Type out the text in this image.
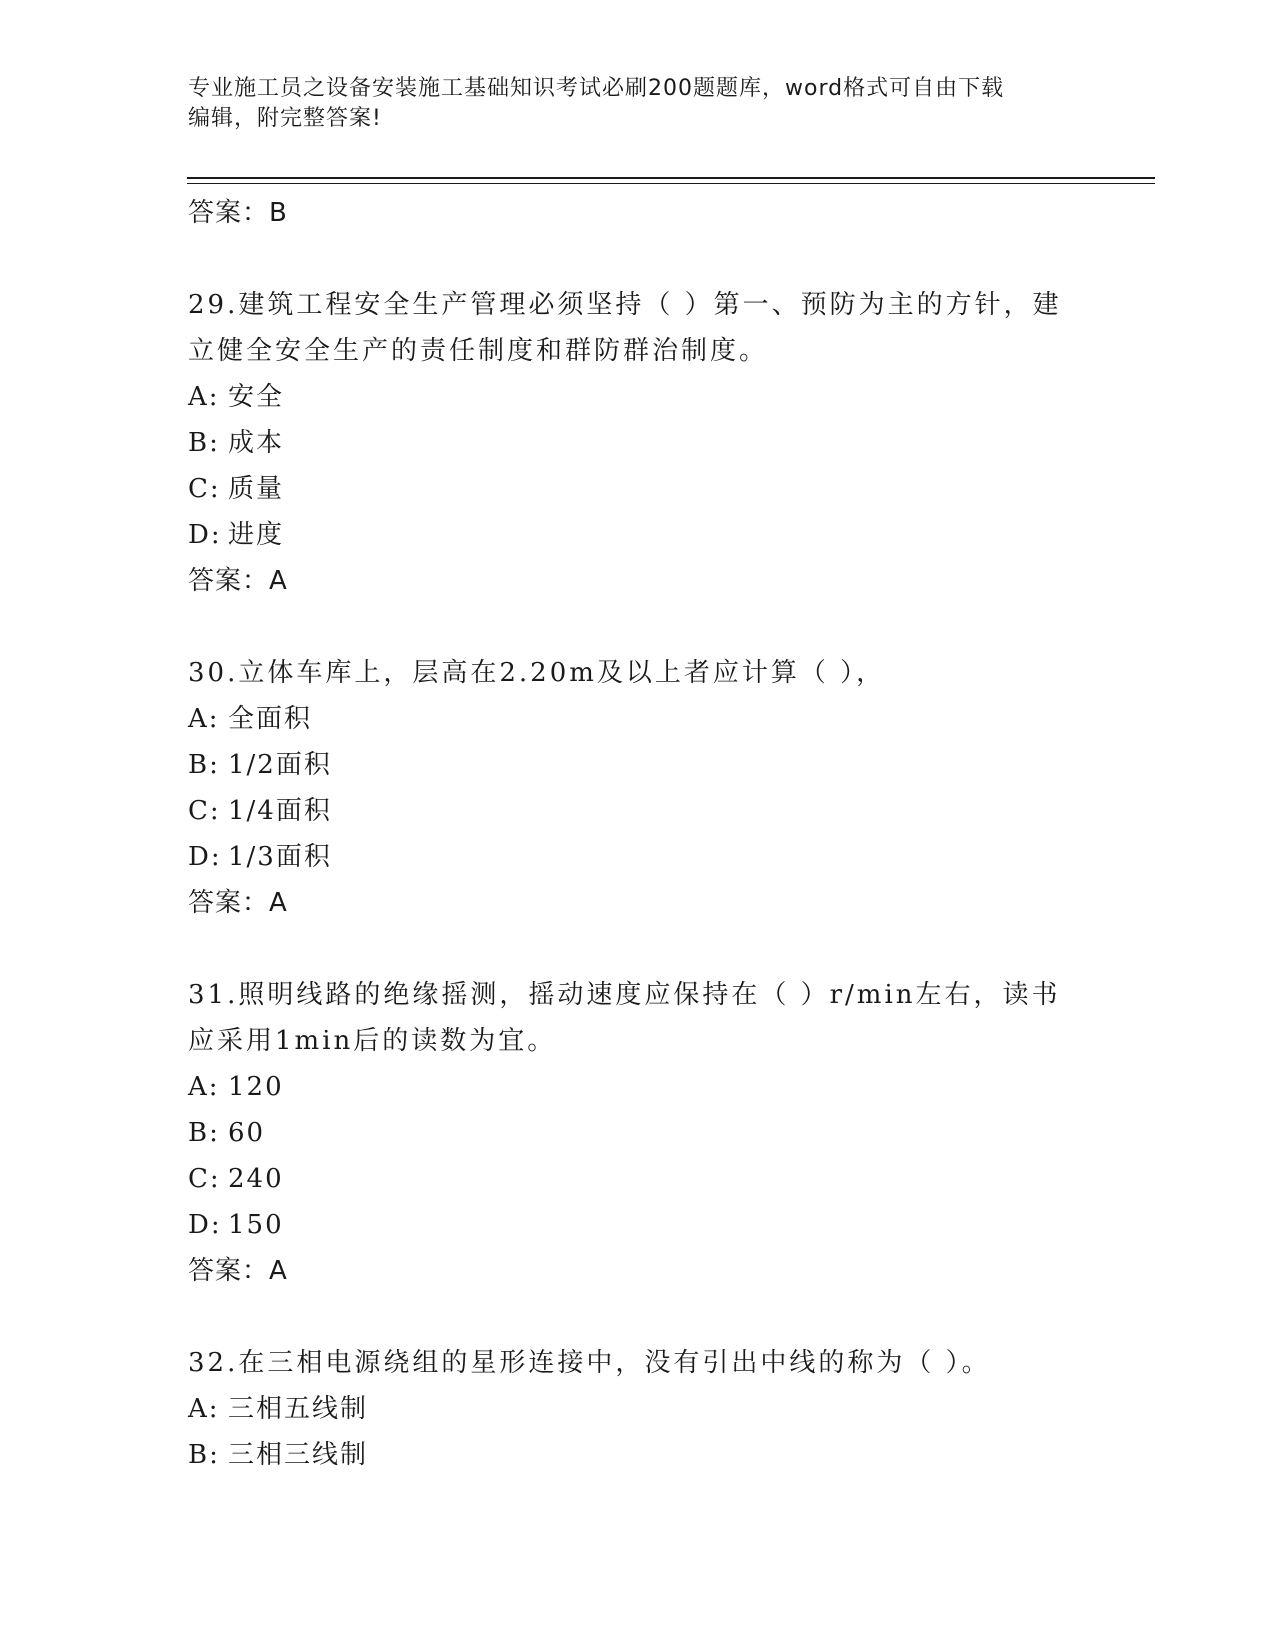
专业施工员之设备安装施工基础知识考试必刷200题题库，word格式可自由下载
编辑，附完整答案!
答案：B
29.建筑工程安全生产管理必须坚持（ ）第一、预防为主的方针，建立健全安全生产的责任制度和群防群治制度。
A: 安全
B: 成本
C: 质量
D: 进度
答案：A
30.立体车库上，层高在2.20m及以上者应计算（ ），
A: 全面积
B: 1/2面积
C: 1/4面积
D: 1/3面积
答案：A
31.照明线路的绝缘摇测，摇动速度应保持在（ ）r/min左右，读书应采用1min后的读数为宜。
A: 120
B: 60
C: 240
D: 150
答案：A
32.在三相电源绕组的星形连接中，没有引出中线的称为（ ）。
A: 三相五线制
B: 三相三线制
